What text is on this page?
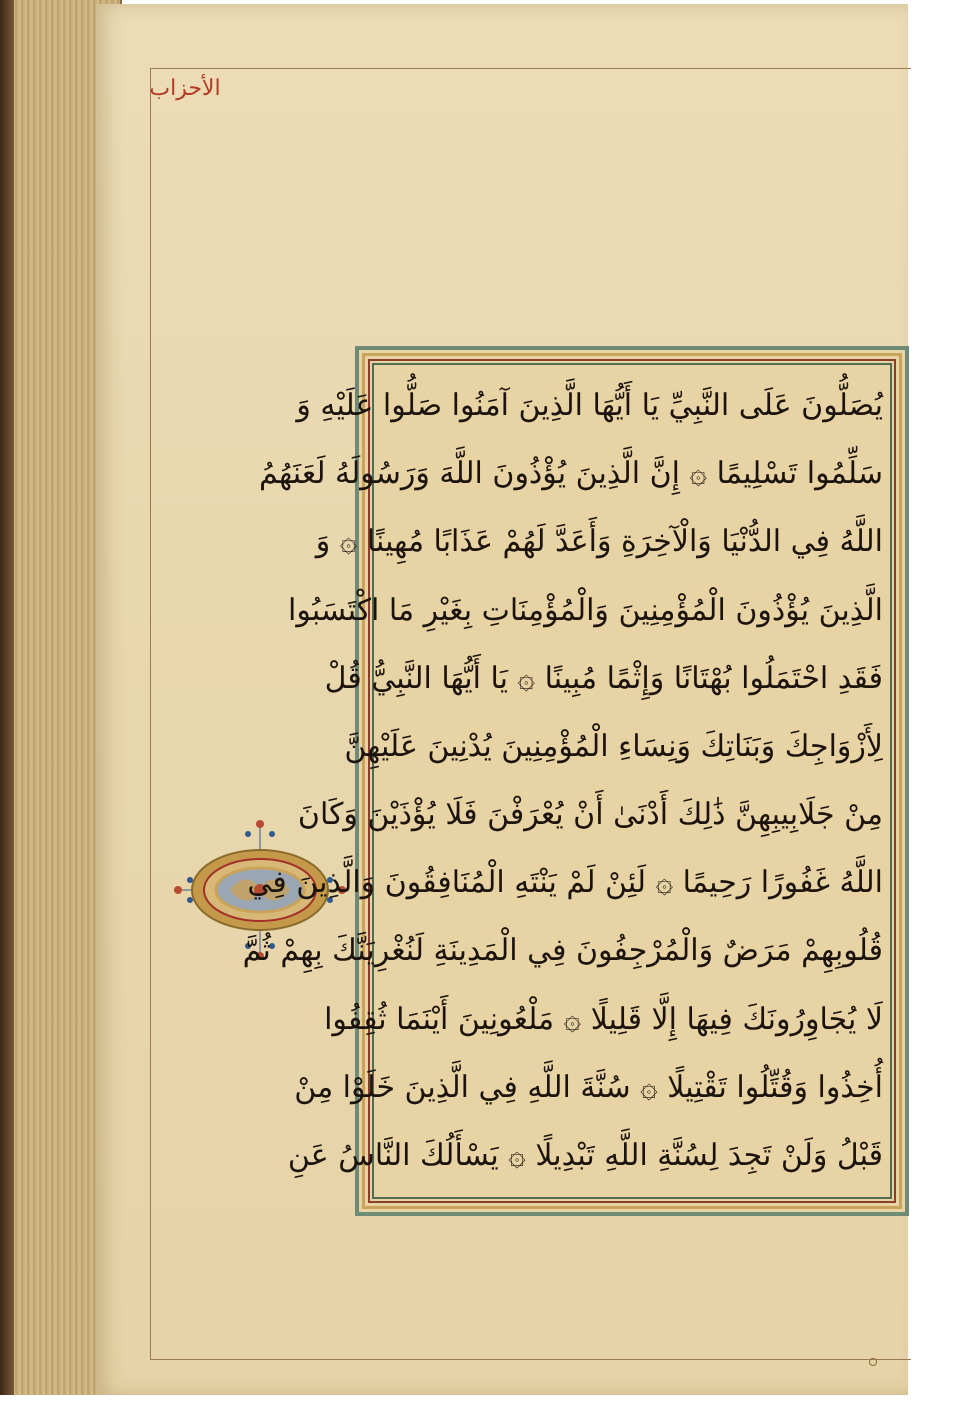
الأحزاب
يُصَلُّونَ عَلَى النَّبِيِّ يَا أَيُّهَا الَّذِينَ آمَنُوا صَلُّوا عَلَيْهِ وَ
سَلِّمُوا تَسْلِيمًا ۞ إِنَّ الَّذِينَ يُؤْذُونَ اللَّهَ وَرَسُولَهُ لَعَنَهُمُ
اللَّهُ فِي الدُّنْيَا وَالْآخِرَةِ وَأَعَدَّ لَهُمْ عَذَابًا مُهِينًا ۞ وَ
الَّذِينَ يُؤْذُونَ الْمُؤْمِنِينَ وَالْمُؤْمِنَاتِ بِغَيْرِ مَا اكْتَسَبُوا
فَقَدِ احْتَمَلُوا بُهْتَانًا وَإِثْمًا مُبِينًا ۞ يَا أَيُّهَا النَّبِيُّ قُلْ
لِأَزْوَاجِكَ وَبَنَاتِكَ وَنِسَاءِ الْمُؤْمِنِينَ يُدْنِينَ عَلَيْهِنَّ
مِنْ جَلَابِيبِهِنَّ ذَٰلِكَ أَدْنَىٰ أَنْ يُعْرَفْنَ فَلَا يُؤْذَيْنَ وَكَانَ
اللَّهُ غَفُورًا رَحِيمًا ۞ لَئِنْ لَمْ يَنْتَهِ الْمُنَافِقُونَ وَالَّذِينَ فِي
قُلُوبِهِمْ مَرَضٌ وَالْمُرْجِفُونَ فِي الْمَدِينَةِ لَنُغْرِيَنَّكَ بِهِمْ ثُمَّ
لَا يُجَاوِرُونَكَ فِيهَا إِلَّا قَلِيلًا ۞ مَلْعُونِينَ أَيْنَمَا ثُقِفُوا
أُخِذُوا وَقُتِّلُوا تَقْتِيلًا ۞ سُنَّةَ اللَّهِ فِي الَّذِينَ خَلَوْا مِنْ
قَبْلُ وَلَنْ تَجِدَ لِسُنَّةِ اللَّهِ تَبْدِيلًا ۞ يَسْأَلُكَ النَّاسُ عَنِ
